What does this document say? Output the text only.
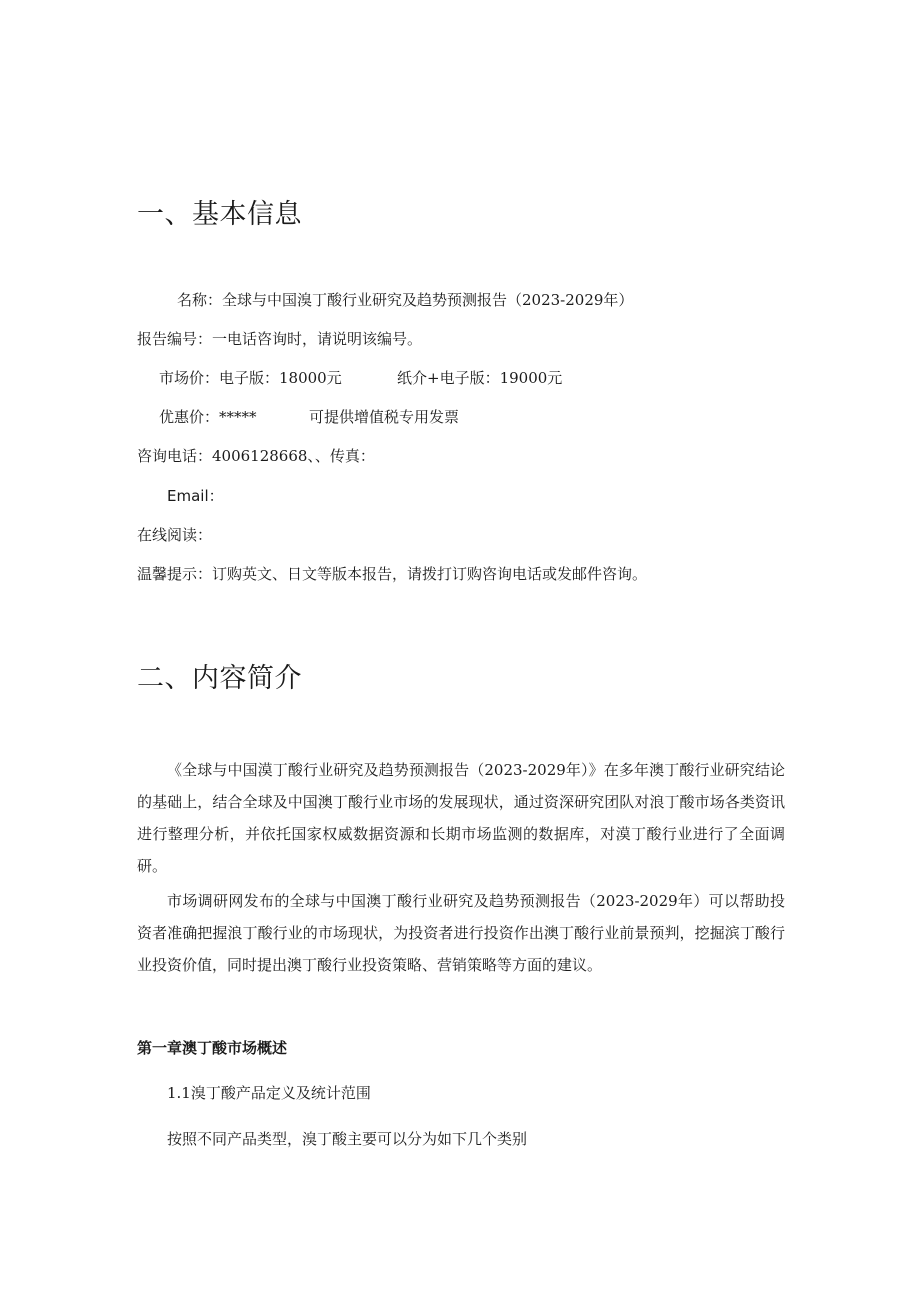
一、基本信息
名称：全球与中国溴丁酸行业研究及趋势预测报告（2023-2029年）
报告编号：一电话咨询时，请说明该编号。
市场价：电子版：18000元	纸介+电子版：19000元
优惠价：*****	可提供增值税专用发票
咨询电话：4006128668、、传真：
Email：
在线阅读：
温馨提示：订购英文、日文等版本报告，请拨打订购咨询电话或发邮件咨询。
二、内容简介

《全球与中国漠丁酸行业研究及趋势预测报告（2023-2029年）》在多年澳丁酸行业研究结论的基础上，结合全球及中国澳丁酸行业市场的发展现状，通过资深研究团队对浪丁酸市场各类资讯进行整理分析，并依托国家权威数据资源和长期市场监测的数据库，对漠丁酸行业进行了全面调研。

市场调研网发布的全球与中国澳丁酸行业研究及趋势预测报告（2023-2029年）可以帮助投资者准确把握浪丁酸行业的市场现状，为投资者进行投资作出澳丁酸行业前景预判，挖掘滨丁酸行业投资价值，同时提出澳丁酸行业投资策略、营销策略等方面的建议。

第一章澳丁酸市场概述
1.1溴丁酸产品定义及统计范围
按照不同产品类型，溴丁酸主要可以分为如下几个类别
